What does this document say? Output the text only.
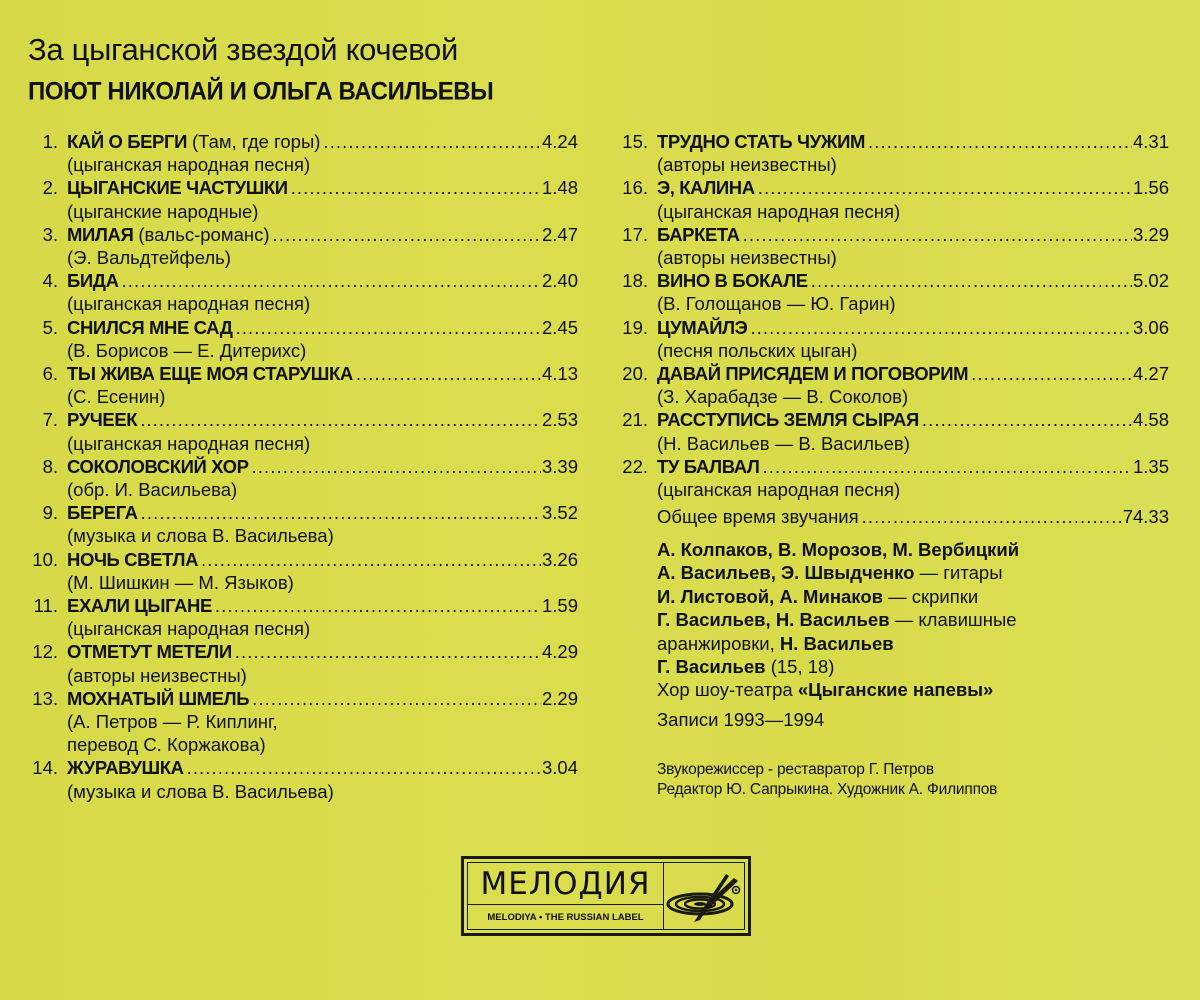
За цыганской звездой кочевой
ПОЮТ НИКОЛАЙ И ОЛЬГА ВАСИЛЬЕВЫ
1. КАЙ О БЕРГИ (Там, где горы) .....	4.24
(цыганская народная песня)
2. ЦЫГАНСКИЕ ЧАСТУШКИ .....	1.48
(цыганские народные)
3. МИЛАЯ (вальс-романс) .....	2.47
(Э. Вальдтейфель)
4. БИДА .....	2.40
(цыганская народная песня)
5. СНИЛСЯ МНЕ САД .....	2.45
(В. Борисов — Е. Дитерихс)
6. ТЫ ЖИВА ЕЩЕ МОЯ СТАРУШКА .....	4.13
(С. Есенин)
7. РУЧЕЕК .....	2.53
(цыганская народная песня)
8. СОКОЛОВСКИЙ ХОР .....	3.39
(обр. И. Васильева)
9. БЕРЕГА .....	3.52
(музыка и слова В. Васильева)
10. НОЧЬ СВЕТЛА .....	3.26
(М. Шишкин — М. Языков)
11. ЕХАЛИ ЦЫГАНЕ .....	1.59
(цыганская народная песня)
12. ОТМЕТУТ МЕТЕЛИ .....	4.29
(авторы неизвестны)
13. МОХНАТЫЙ ШМЕЛЬ .....	2.29
(А. Петров — Р. Киплинг,
перевод С. Коржакова)
14. ЖУРАВУШКА .....	3.04
(музыка и слова В. Васильева)
15. ТРУДНО СТАТЬ ЧУЖИМ .....	4.31
(авторы неизвестны)
16. Э, КАЛИНА .....	1.56
(цыганская народная песня)
17. БАРКЕТА .....	3.29
(авторы неизвестны)
18. ВИНО В БОКАЛЕ .....	5.02
(В. Голощанов — Ю. Гарин)
19. ЦУМАЙЛЭ .....	3.06
(песня польских цыган)
20. ДАВАЙ ПРИСЯДЕМ И ПОГОВОРИМ .....	4.27
(З. Харабадзе — В. Соколов)
21. РАССТУПИСЬ ЗЕМЛЯ СЫРАЯ .....	4.58
(Н. Васильев — В. Васильев)
22. ТУ БАЛВАЛ .....	1.35
(цыганская народная песня)
Общее время звучания .....	74.33
А. Колпаков, В. Морозов, М. Вербицкий
А. Васильев, Э. Швыдченко — гитары
И. Листовой, А. Минаков — скрипки
Г. Васильев, Н. Васильев — клавишные
аранжировки, Н. Васильев
Г. Васильев (15, 18)
Хор шоу-театра «Цыганские напевы»
Записи 1993—1994
Звукорежиссер - реставратор Г. Петров
Редактор Ю. Сапрыкина. Художник А. Филиппов
МЕЛОДИЯ
MELODIYA • THE RUSSIAN LABEL
